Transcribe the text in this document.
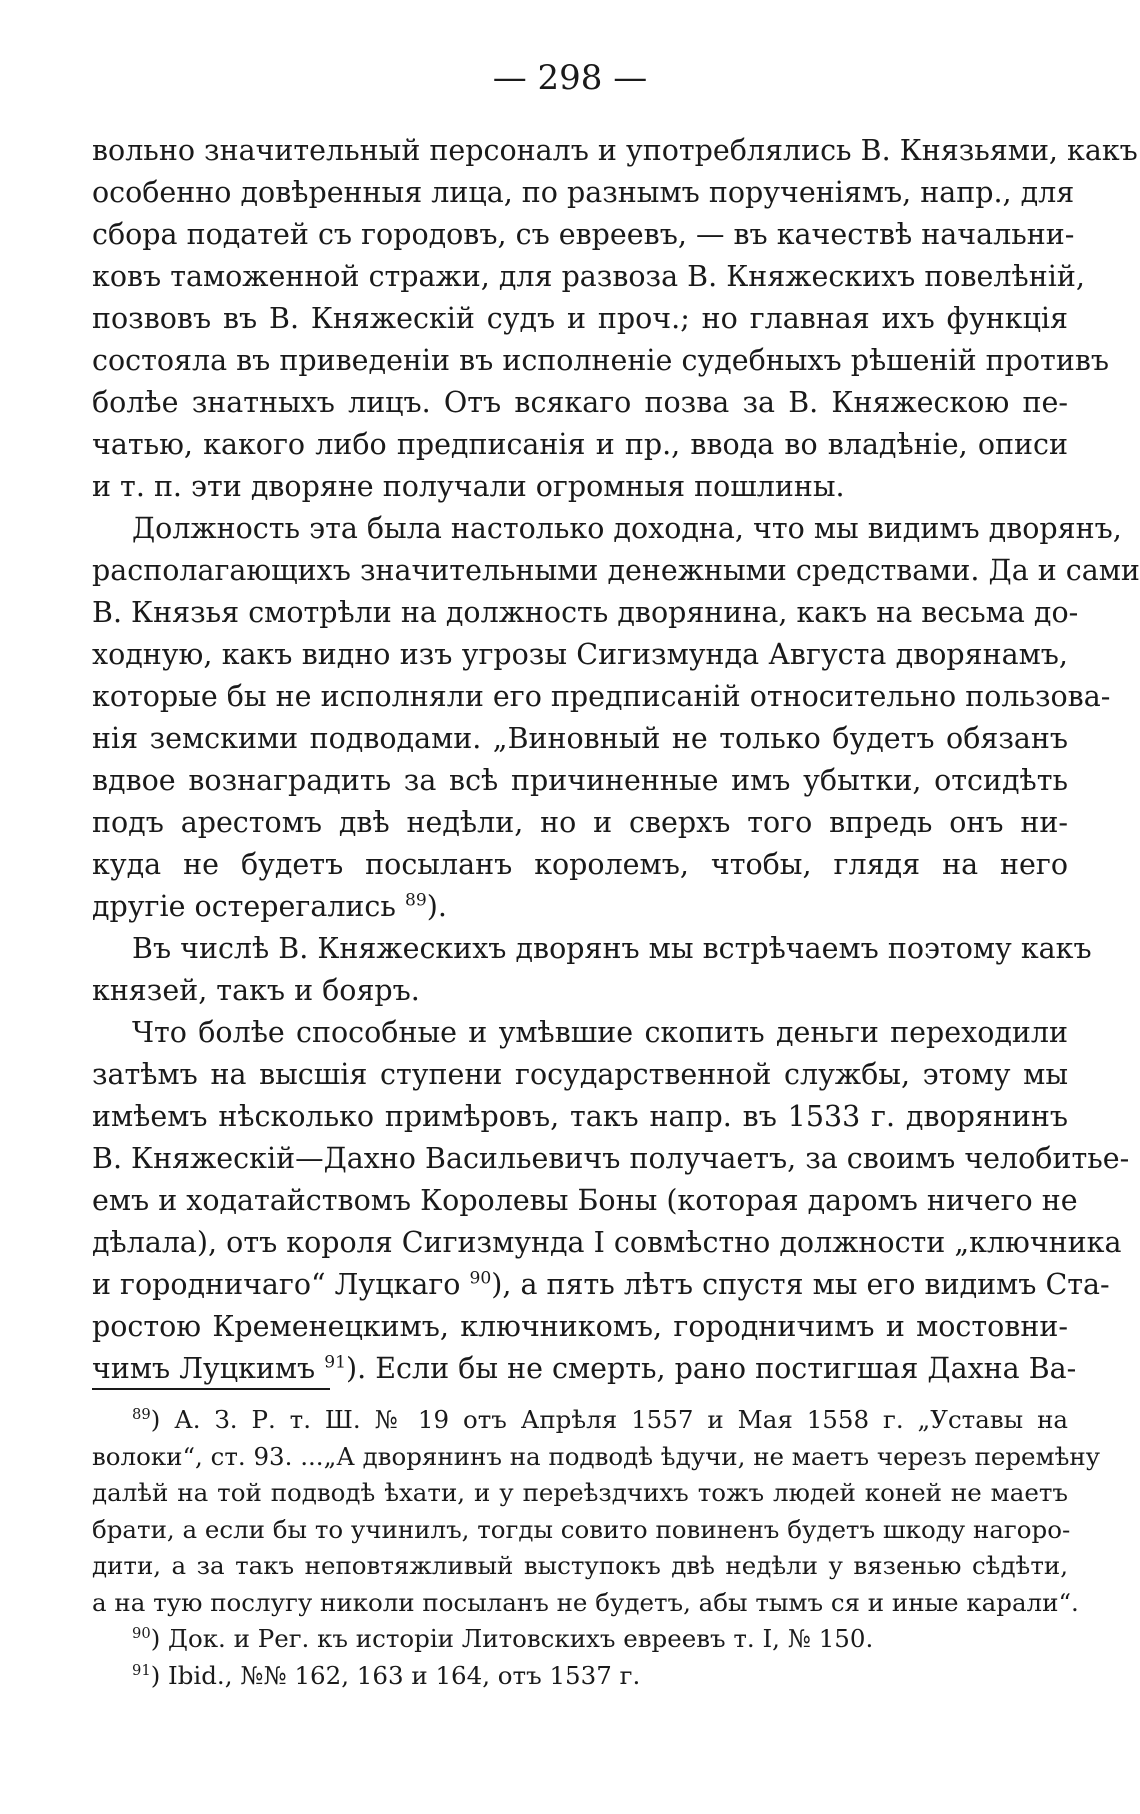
— 298 —
вольно значительный персоналъ и употреблялись В. Князьями, какъ
особенно довѣренныя лица, по разнымъ порученіямъ, напр., для
сбора податей съ городовъ, съ евреевъ, — въ качествѣ начальни-
ковъ таможенной стражи, для развоза В. Княжескихъ повелѣній,
позвовъ въ В. Княжескій судъ и проч.; но главная ихъ функція
состояла въ приведеніи въ исполненіе судебныхъ рѣшеній противъ
болѣе знатныхъ лицъ. Отъ всякаго позва за В. Княжескою пе-
чатью, какого либо предписанія и пр., ввода во владѣніе, описи
и т. п. эти дворяне получали огромныя пошлины.
Должность эта была настолько доходна, что мы видимъ дворянъ,
располагающихъ значительными денежными средствами. Да и сами
В. Князья смотрѣли на должность дворянина, какъ на весьма до-
ходную, какъ видно изъ угрозы Сигизмунда Августа дворянамъ,
которые бы не исполняли его предписаній относительно пользова-
нія земскими подводами. „Виновный не только будетъ обязанъ
вдвое вознаградить за всѣ причиненные имъ убытки, отсидѣть
подъ арестомъ двѣ недѣли, но и сверхъ того впредь онъ ни-
куда не будетъ посыланъ королемъ, чтобы, глядя на него
другіе остерегались $^{89}$).
Въ числѣ В. Княжескихъ дворянъ мы встрѣчаемъ поэтому какъ
князей, такъ и бояръ.
Что болѣе способные и умѣвшие скопить деньги переходили
затѣмъ на высшія ступени государственной службы, этому мы
имѣемъ нѣсколько примѣровъ, такъ напр. въ 1533 г. дворянинъ
В. Княжескій—Дахно Васильевичъ получаетъ, за своимъ челобитье-
емъ и ходатайствомъ Королевы Боны (которая даромъ ничего не
дѣлала), отъ короля Сигизмунда I совмѣстно должности „ключника
и городничаго“ Луцкаго $^{90}$), а пять лѣтъ спустя мы его видимъ Ста-
ростою Кременецкимъ, ключникомъ, городничимъ и мостовни-
чимъ Луцкимъ $^{91}$). Если бы не смерть, рано постигшая Дахна Ва-
$^{89}$) А. З. Р. т. Ш. № 19 отъ Апрѣля 1557 и Мая 1558 г. „Уставы на
волоки“, ст. 93. ...„А дворянинъ на подводѣ ѣдучи, не маетъ черезъ перемѣну
далѣй на той подводѣ ѣхати, и у переѣздчихъ тожъ людей коней не маетъ
брати, а если бы то учинилъ, тогды совито повиненъ будетъ шкоду нагоро-
дити, а за такъ неповтяжливый выступокъ двѣ недѣли у вязенью сѣдѣти,
а на тую послугу николи посыланъ не будетъ, абы тымъ ся и иные карали“.
$^{90}$) Док. и Рег. къ исторіи Литовскихъ евреевъ т. I, № 150.
$^{91}$) Ibid., №№ 162, 163 и 164, отъ 1537 г.
